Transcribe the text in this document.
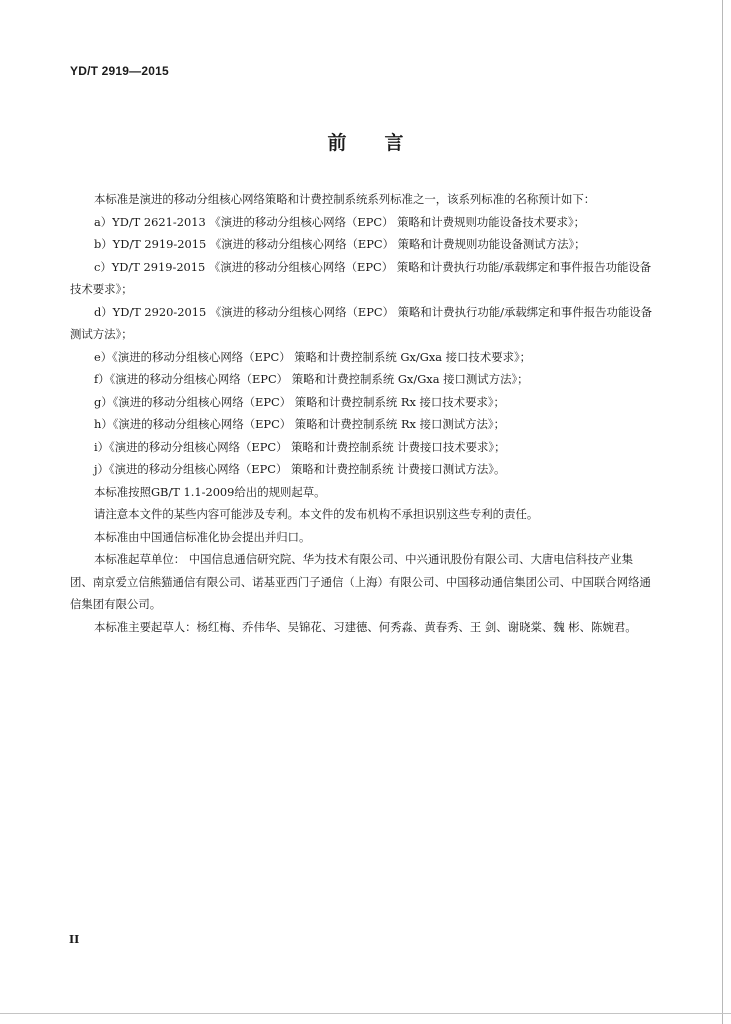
YD/T 2919—2015
前言

本标准是演进的移动分组核心网络策略和计费控制系统系列标准之一，该系列标准的名称预计如下：

a）YD/T 2621-2013 《演进的移动分组核心网络（EPC） 策略和计费规则功能设备技术要求》；

b）YD/T 2919-2015 《演进的移动分组核心网络（EPC） 策略和计费规则功能设备测试方法》；

c）YD/T 2919-2015 《演进的移动分组核心网络（EPC） 策略和计费执行功能/承载绑定和事件报告功能设备技术要求》；

d）YD/T 2920-2015 《演进的移动分组核心网络（EPC） 策略和计费执行功能/承载绑定和事件报告功能设备测试方法》；

e）《演进的移动分组核心网络（EPC） 策略和计费控制系统 Gx/Gxa 接口技术要求》；

f）《演进的移动分组核心网络（EPC） 策略和计费控制系统 Gx/Gxa 接口测试方法》；

g）《演进的移动分组核心网络（EPC） 策略和计费控制系统 Rx 接口技术要求》；

h）《演进的移动分组核心网络（EPC） 策略和计费控制系统 Rx 接口测试方法》；

i）《演进的移动分组核心网络（EPC） 策略和计费控制系统 计费接口技术要求》；

j）《演进的移动分组核心网络（EPC） 策略和计费控制系统 计费接口测试方法》。

本标准按照GB/T 1.1-2009给出的规则起草。

请注意本文件的某些内容可能涉及专利。本文件的发布机构不承担识别这些专利的责任。

本标准由中国通信标准化协会提出并归口。

本标准起草单位： 中国信息通信研究院、华为技术有限公司、中兴通讯股份有限公司、大唐电信科技产业集团、南京爱立信熊猫通信有限公司、诺基亚西门子通信（上海）有限公司、中国移动通信集团公司、中国联合网络通信集团有限公司。

本标准主要起草人：杨红梅、乔伟华、吴锦花、习建德、何秀淼、黄春秀、王 剑、谢晓棠、魏 彬、陈婉君。

II
